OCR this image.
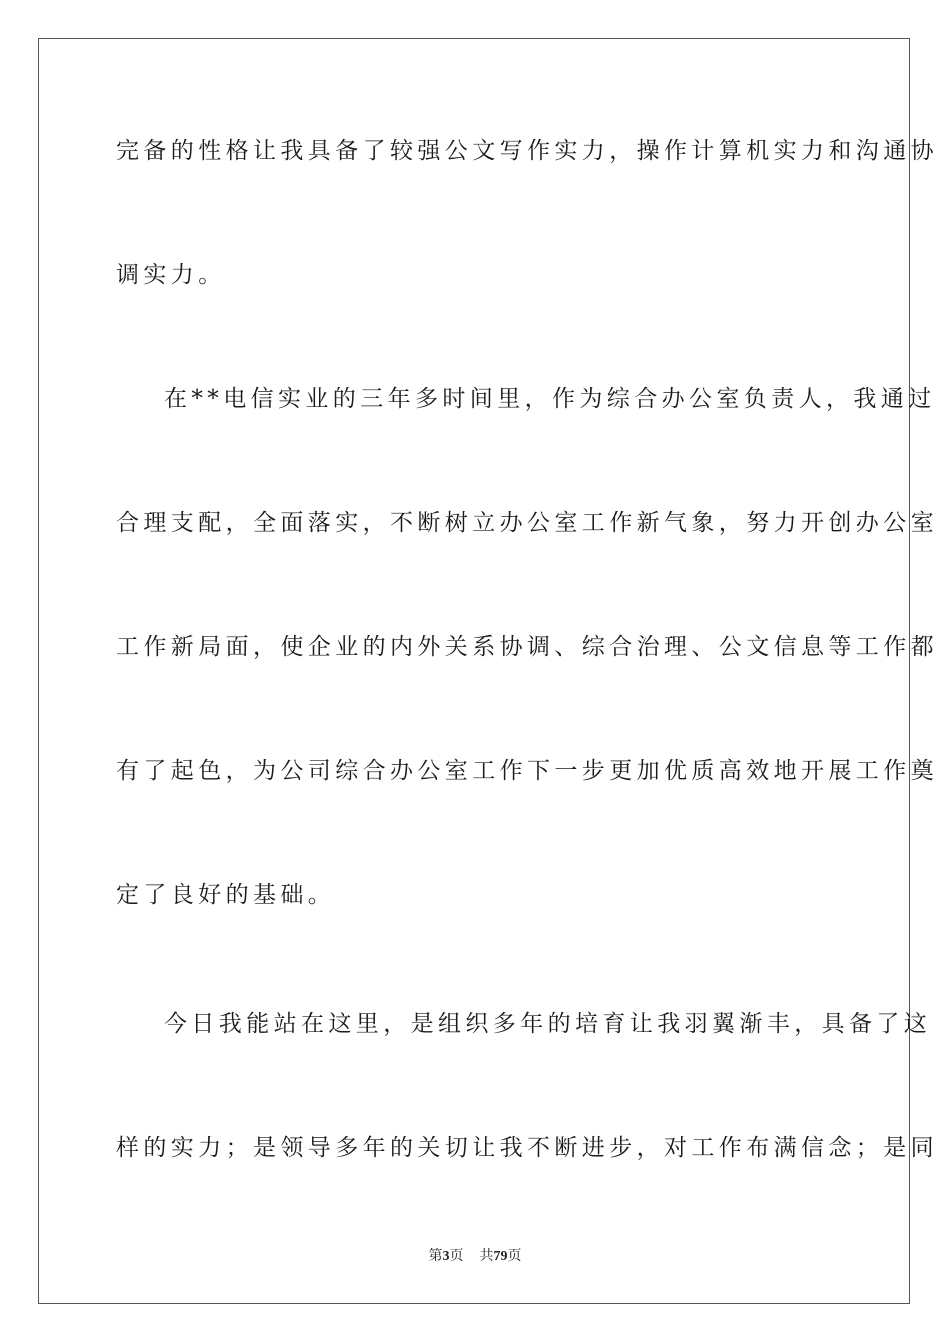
完备的性格让我具备了较强公文写作实力，操作计算机实力和沟通协
调实力。
在**电信实业的三年多时间里，作为综合办公室负责人，我通过
合理支配，全面落实，不断树立办公室工作新气象，努力开创办公室
工作新局面，使企业的内外关系协调、综合治理、公文信息等工作都
有了起色，为公司综合办公室工作下一步更加优质高效地开展工作奠
定了良好的基础。
今日我能站在这里，是组织多年的培育让我羽翼渐丰，具备了这
样的实力；是领导多年的关切让我不断进步，对工作布满信念；是同
第3页 共79页
